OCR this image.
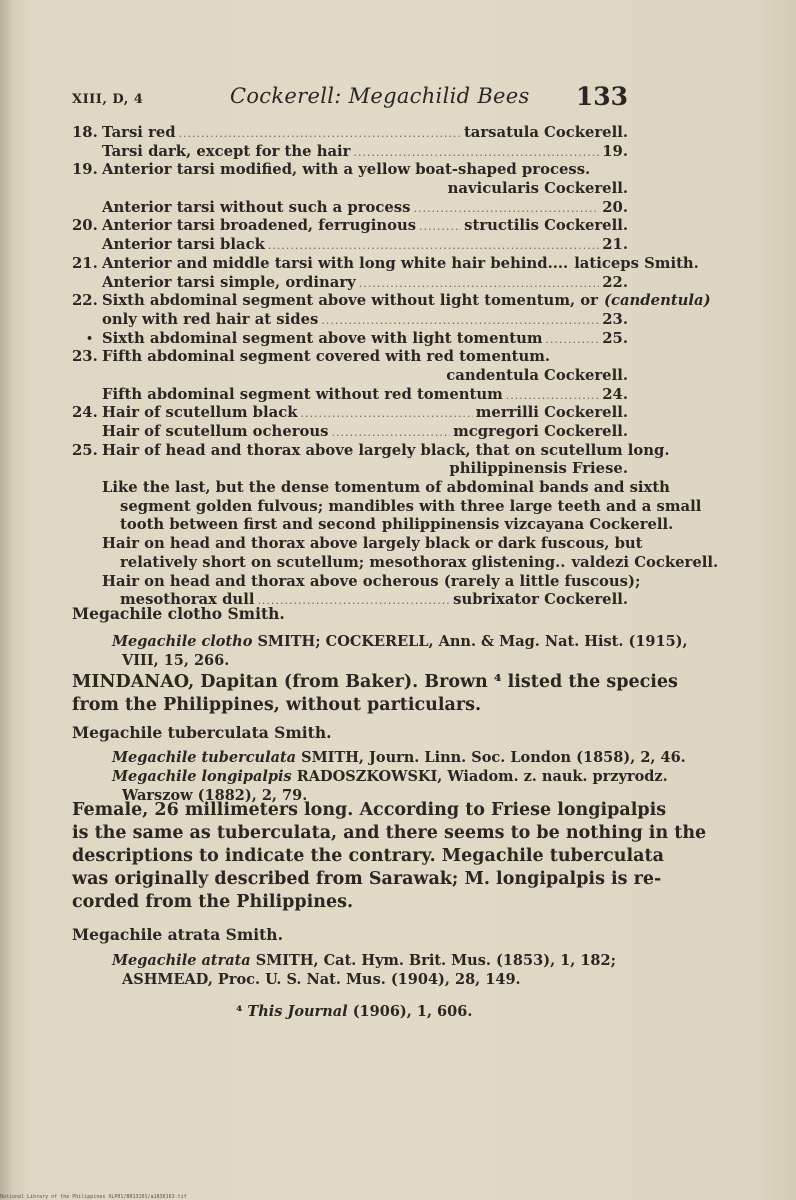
XIII, D, 4	Cockerell: Megachilid Bees 133
18. Tarsi red .....	tarsatula Cockerell.
Tarsi dark, except for the hair .....	19.
19. Anterior tarsi modified, with a yellow boat-shaped process.
navicularis Cockerell.
Anterior tarsi without such a process .....	20.
20. Anterior tarsi broadened, ferruginous .....	structilis Cockerell.
Anterior tarsi black .....	21.
21. Anterior and middle tarsi with long white hair behind.... laticeps Smith.
Anterior tarsi simple, ordinary .....	22.
22. Sixth abdominal segment above without light tomentum, or (candentula)
only with red hair at sides .....	23.
• Sixth abdominal segment above with light tomentum .....	25.
23. Fifth abdominal segment covered with red tomentum.
candentula Cockerell.
Fifth abdominal segment without red tomentum .....	24.
24. Hair of scutellum black .....	merrilli Cockerell.
Hair of scutellum ocherous .....	mcgregori Cockerell.
25. Hair of head and thorax above largely black, that on scutellum long.
philippinensis Friese.
Like the last, but the dense tomentum of abdominal bands and sixth
segment golden fulvous; mandibles with three large teeth and a small
tooth between first and second philippinensis vizcayana Cockerell.
Hair on head and thorax above largely black or dark fuscous, but
relatively short on scutellum; mesothorax glistening.. valdezi Cockerell.
Hair on head and thorax above ocherous (rarely a little fuscous);
mesothorax dull .....	subrixator Cockerell.
Megachile clotho Smith.
Megachile clotho SMITH; COCKERELL, Ann. & Mag. Nat. Hist. (1915),
VIII, 15, 266.
MINDANAO, Dapitan (from Baker). Brown ⁴ listed the species
from the Philippines, without particulars.
Megachile tuberculata Smith.
Megachile tuberculata SMITH, Journ. Linn. Soc. London (1858), 2, 46.
Megachile longipalpis RADOSZKOWSKI, Wiadom. z. nauk. przyrodz.
Warszow (1882), 2, 79.
Female, 26 millimeters long. According to Friese longipalpis
is the same as tuberculata, and there seems to be nothing in the
descriptions to indicate the contrary. Megachile tuberculata
was originally described from Sarawak; M. longipalpis is re-
corded from the Philippines.
Megachile atrata Smith.
Megachile atrata SMITH, Cat. Hym. Brit. Mus. (1853), 1, 182;
ASHMEAD, Proc. U. S. Nat. Mus. (1904), 28, 149.
⁴ This Journal (1906), 1, 606.
National Library of the Philippines XLP01/BR13101/a1830163.tif
